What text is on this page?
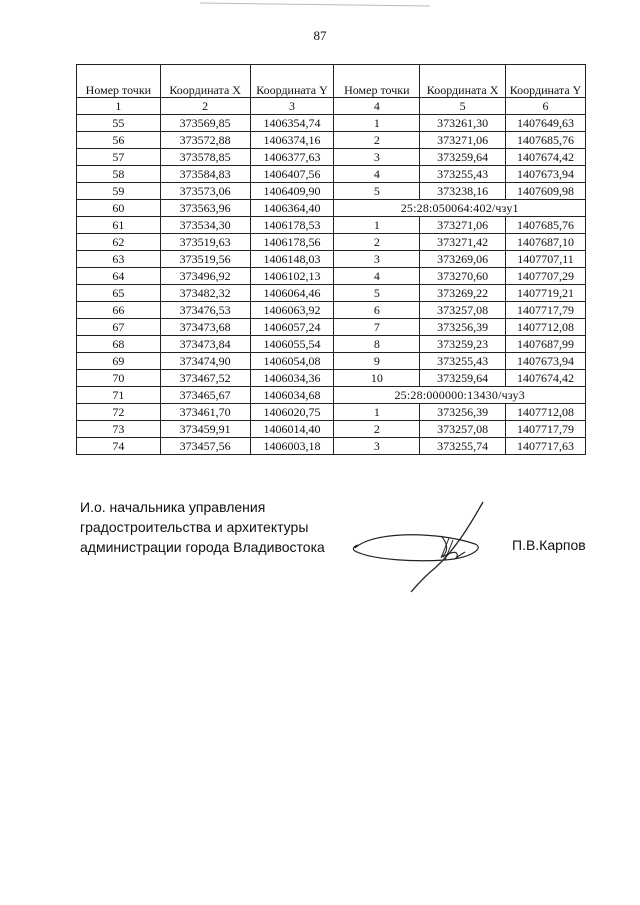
87
Номер точки	Координата X	Координата Y	Номер точки	Координата X	Координата Y
1	2	3	4	5	6
55	373569,85	1406354,74	1	373261,30	1407649,63
56	373572,88	1406374,16	2	373271,06	1407685,76
57	373578,85	1406377,63	3	373259,64	1407674,42
58	373584,83	1406407,56	4	373255,43	1407673,94
59	373573,06	1406409,90	5	373238,16	1407609,98
60	373563,96	1406364,40	25:28:050064:402/чзу1		
61	373534,30	1406178,53	1	373271,06	1407685,76
62	373519,63	1406178,56	2	373271,42	1407687,10
63	373519,56	1406148,03	3	373269,06	1407707,11
64	373496,92	1406102,13	4	373270,60	1407707,29
65	373482,32	1406064,46	5	373269,22	1407719,21
66	373476,53	1406063,92	6	373257,08	1407717,79
67	373473,68	1406057,24	7	373256,39	1407712,08
68	373473,84	1406055,54	8	373259,23	1407687,99
69	373474,90	1406054,08	9	373255,43	1407673,94
70	373467,52	1406034,36	10	373259,64	1407674,42
71	373465,67	1406034,68	25:28:000000:13430/чзу3		
72	373461,70	1406020,75	1	373256,39	1407712,08
73	373459,91	1406014,40	2	373257,08	1407717,79
74	373457,56	1406003,18	3	373255,74	1407717,63
И.о. начальника управления
градостроительства и архитектуры
администрации города Владивостока	П.В.Карпов
